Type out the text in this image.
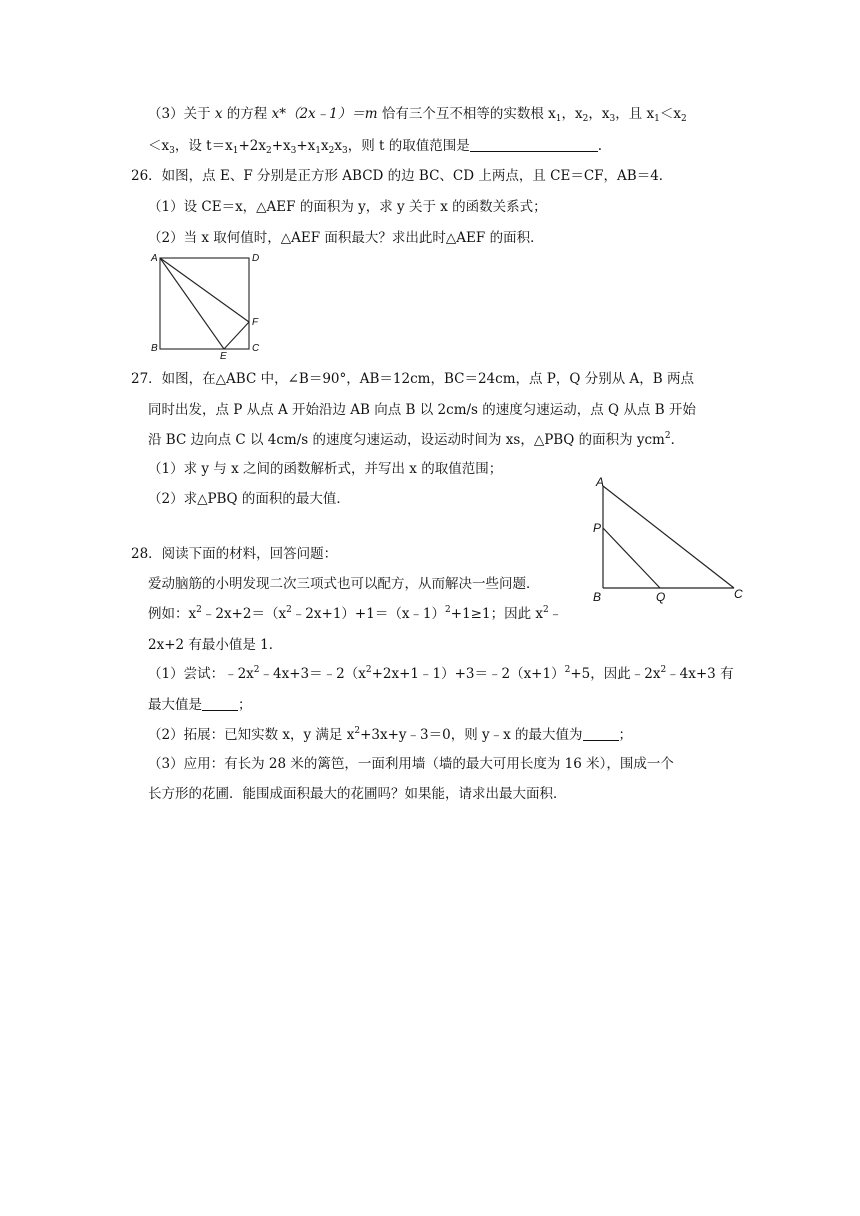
（3）关于 x 的方程 x*（2x﹣1）＝m 恰有三个互不相等的实数根 $x_1$，$x_2$，$x_3$，且 $x_1<x_2$
$<x_3$，设 $t=x_1+2x_2+x_3+x_1x_2x_3$，则 t 的取值范围是	.
26．如图，点 E、F 分别是正方形 ABCD 的边 BC、CD 上两点，且 CE＝CF，AB＝4．
（1）设 CE＝x，△AEF 的面积为 y，求 y 关于 x 的函数关系式；
（2）当 x 取何值时，△AEF 面积最大？求出此时△AEF 的面积．
A	D
B	C
E
F
27．如图，在△ABC 中，∠B＝90°，AB＝12cm，BC＝24cm，点 P，Q 分别从 A，B 两点
同时出发，点 P 从点 A 开始沿边 AB 向点 B 以 2cm/s 的速度匀速运动，点 Q 从点 B 开始
沿 BC 边向点 C 以 4cm/s 的速度匀速运动，设运动时间为 xs，△PBQ 的面积为 ycm$^2$．
（1）求 y 与 x 之间的函数解析式，并写出 x 的取值范围；
（2）求△PBQ 的面积的最大值．
A
P
B	Q	C
28．阅读下面的材料，回答问题：
爱动脑筋的小明发现二次三项式也可以配方，从而解决一些问题．
例如：$x^2﹣2x+2=(x^2﹣2x+1)+1=(x﹣1)^2+1\ge 1$；因此 $x^2﹣$
2x+2 有最小值是 1．
（1）尝试：$﹣2x^2﹣4x+3=﹣2(x^2+2x+1﹣1)+3=﹣2(x+1)^2+5$，因此$﹣2x^2﹣4x+3$ 有
最大值是	；
（2）拓展：已知实数 x，y 满足 $x^2+3x+y﹣3=0$，则 y﹣x 的最大值为	；
（3）应用：有长为 28 米的篱笆，一面利用墙（墙的最大可用长度为 16 米），围成一个
长方形的花圃．能围成面积最大的花圃吗？如果能，请求出最大面积．
